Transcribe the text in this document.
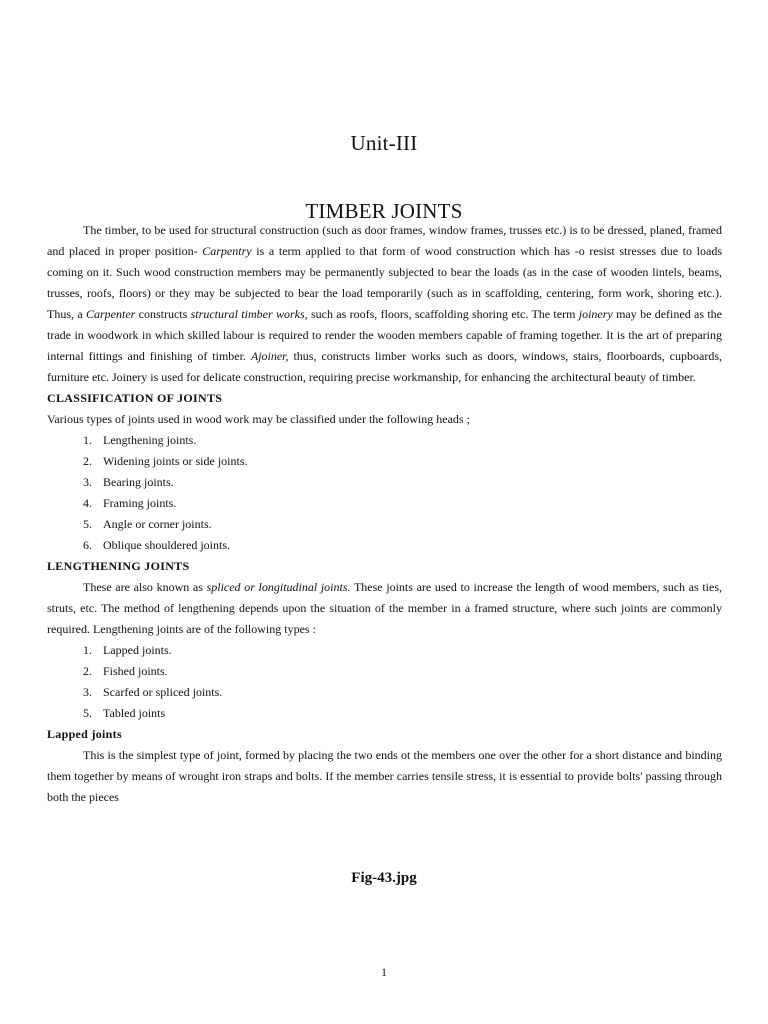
Unit-III
TIMBER JOINTS

The timber, to be used for structural construction (such as door frames, window frames, trusses etc.) is to be dressed, planed, framed and placed in proper position- Carpentry is a term applied to that form of wood construction which has -o resist stresses due to loads coming on it. Such wood construction members may be permanently subjected to bear the loads (as in the case of wooden lintels, beams, trusses, roofs, floors) or they may be subjected to bear the load temporarily (such as in scaffolding, centering, form work, shoring etc.). Thus, a Carpenter constructs structural timber works, such as roofs, floors, scaffolding shoring etc. The term joinery may be defined as the trade in woodwork in which skilled labour is required to render the wooden members capable of framing together. It is the art of preparing internal fittings and finishing of timber. Ajoiner, thus, constructs limber works such as doors, windows, stairs, floorboards, cupboards, furniture etc. Joinery is used for delicate construction, requiring precise workmanship, for enhancing the architectural beauty of timber.

CLASSIFICATION OF JOINTS

Various types of joints used in wood work may be classified under the following heads ;

1. Lengthening joints.
2. Widening joints or side joints.
3. Bearing joints.
4. Framing joints.
5. Angle or corner joints.
6. Oblique shouldered joints.

LENGTHENING JOINTS

These are also known as spliced or longitudinal joints. These joints are used to increase the length of wood members, such as ties, struts, etc. The method of lengthening depends upon the situation of the member in a framed structure, where such joints are commonly required. Lengthening joints are of the following types :

1. Lapped joints.
2. Fished joints.
3. Scarfed or spliced joints.
5. Tabled joints

Lapped joints

This is the simplest type of joint, formed by placing the two ends ot the members one over the other for a short distance and binding them together by means of wrought iron straps and bolts. If the member carries tensile stress, it is essential to provide bolts' passing through both the pieces

Fig-43.jpg
1
